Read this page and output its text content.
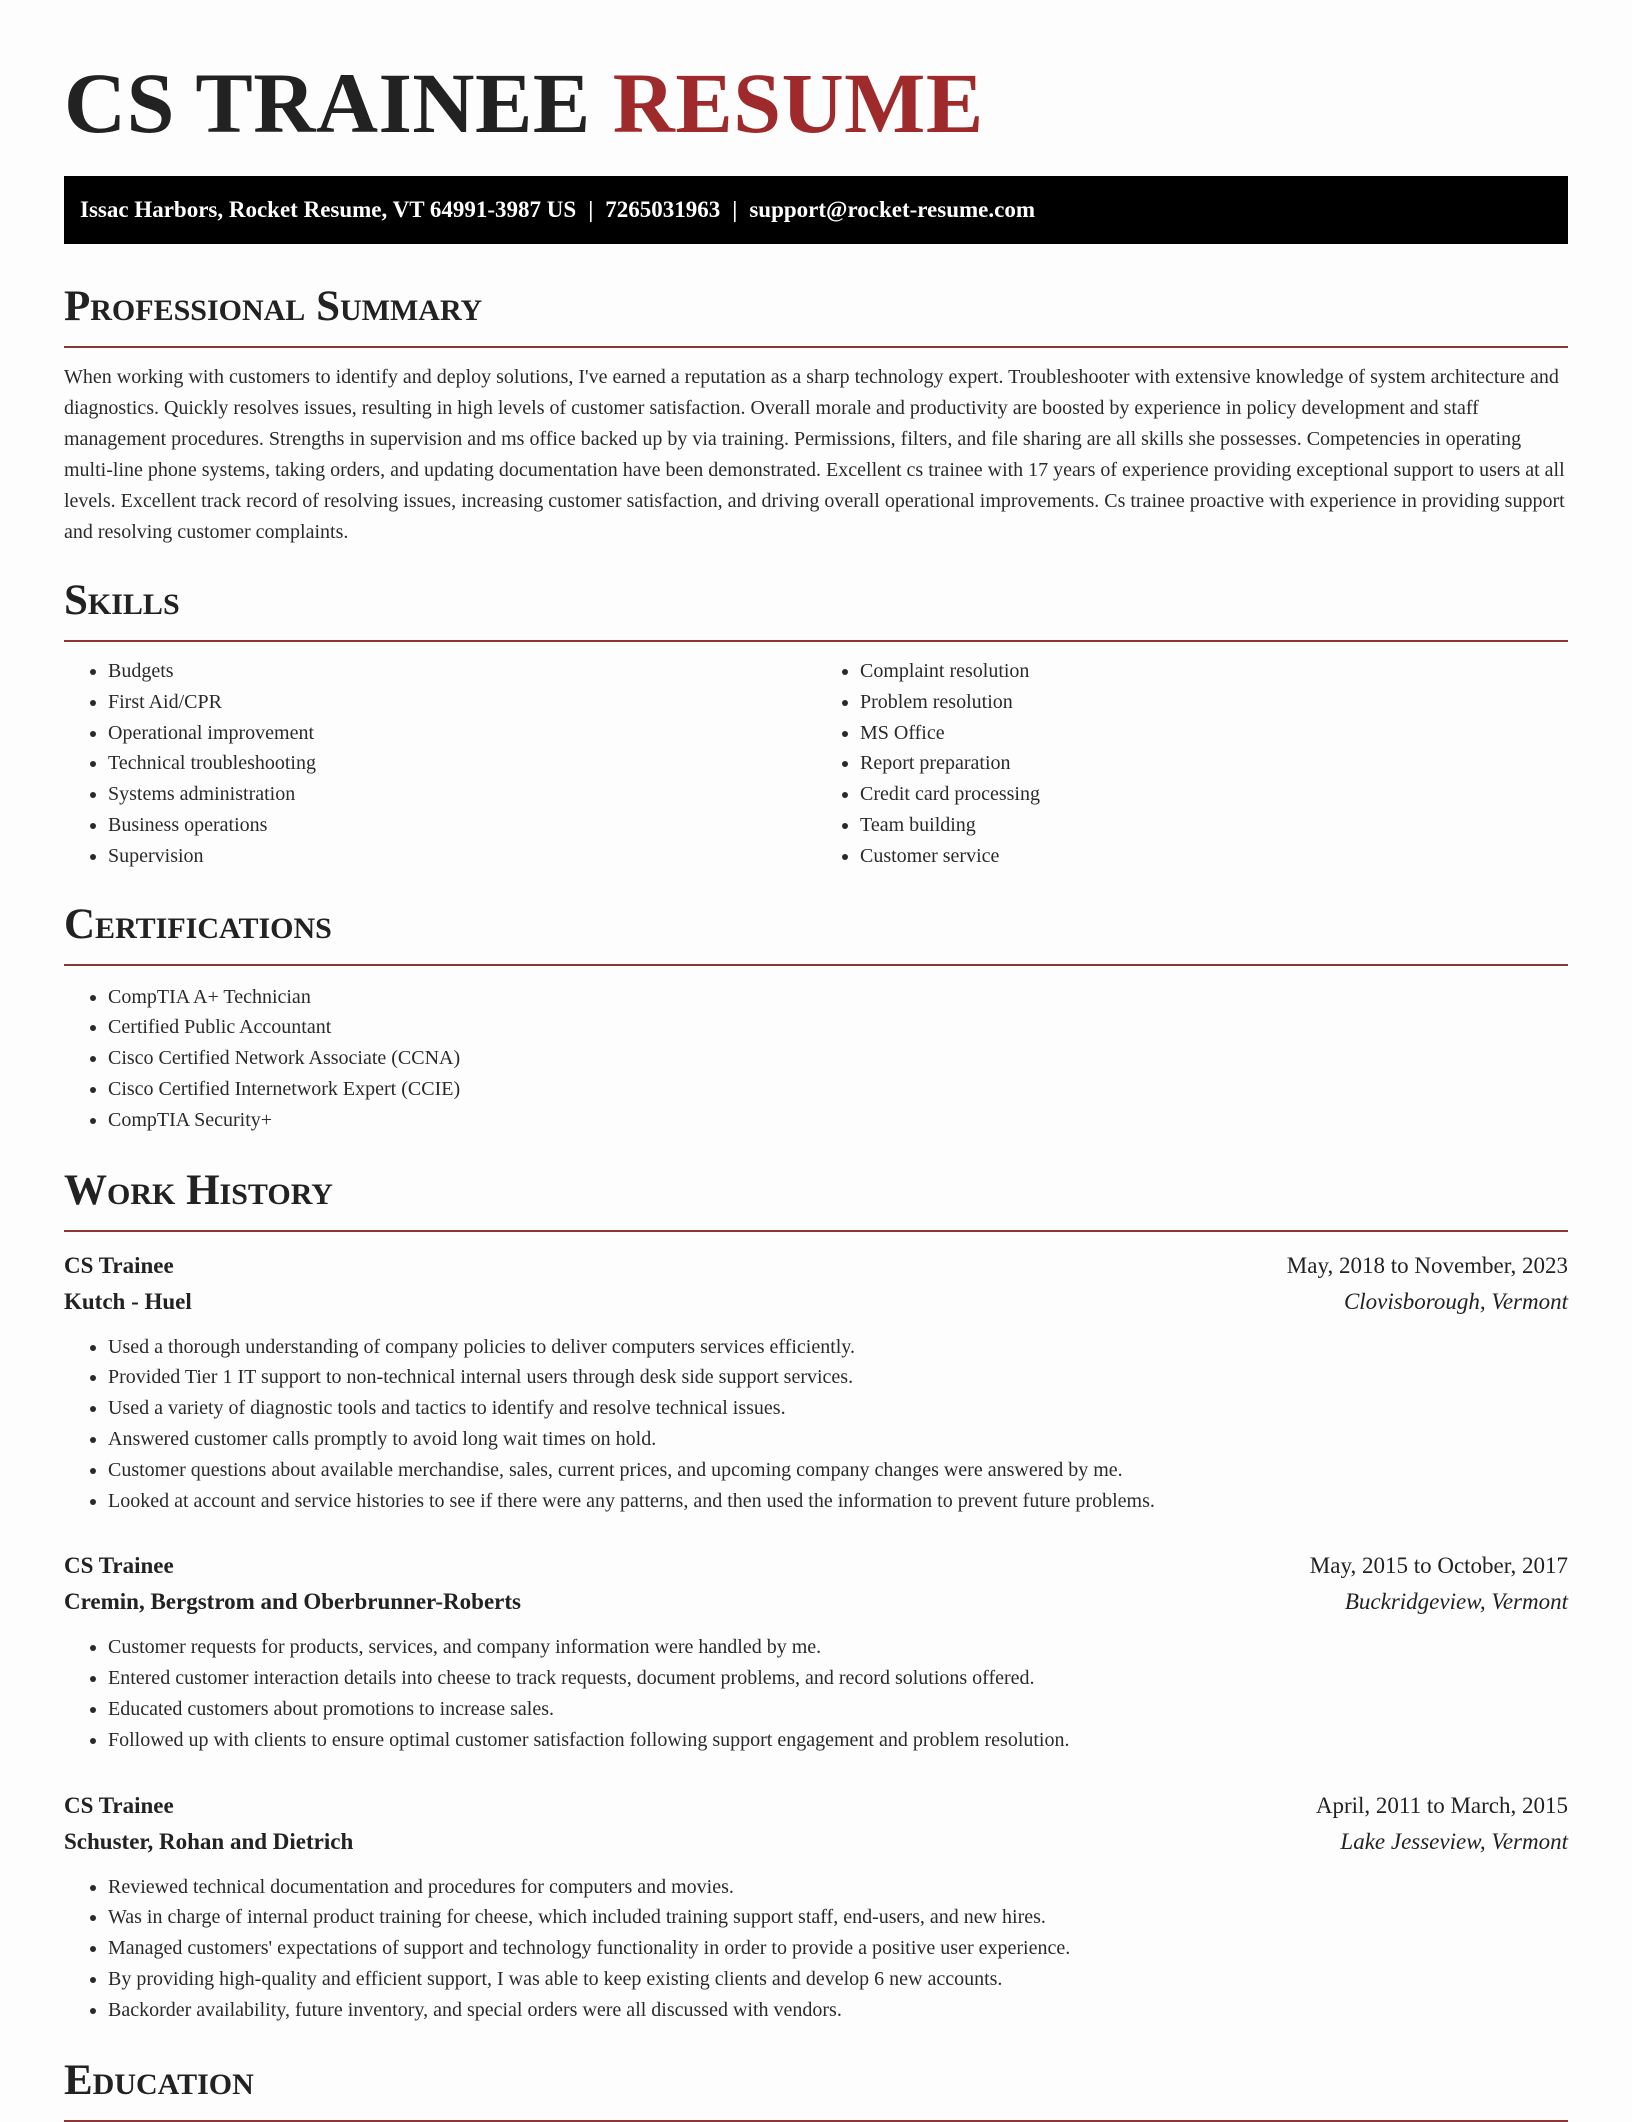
CS TRAINEE RESUME
Issac Harbors, Rocket Resume, VT 64991-3987 US | 7265031963 | support@rocket-resume.com
Professional Summary

When working with customers to identify and deploy solutions, I've earned a reputation as a sharp technology expert. Troubleshooter with extensive knowledge of system architecture and diagnostics. Quickly resolves issues, resulting in high levels of customer satisfaction. Overall morale and productivity are boosted by experience in policy development and staff management procedures. Strengths in supervision and ms office backed up by via training. Permissions, filters, and file sharing are all skills she possesses. Competencies in operating multi-line phone systems, taking orders, and updating documentation have been demonstrated. Excellent cs trainee with 17 years of experience providing exceptional support to users at all levels. Excellent track record of resolving issues, increasing customer satisfaction, and driving overall operational improvements. Cs trainee proactive with experience in providing support and resolving customer complaints.

Skills
• Budgets
• First Aid/CPR
• Operational improvement
• Technical troubleshooting
• Systems administration
• Business operations
• Supervision
• Complaint resolution
• Problem resolution
• MS Office
• Report preparation
• Credit card processing
• Team building
• Customer service
Certifications
• CompTIA A+ Technician
• Certified Public Accountant
• Cisco Certified Network Associate (CCNA)
• Cisco Certified Internetwork Expert (CCIE)
• CompTIA Security+
Work History
CS Trainee	May, 2018 to November, 2023
Kutch - Huel	Clovisborough, Vermont
• Used a thorough understanding of company policies to deliver computers services efficiently.
• Provided Tier 1 IT support to non-technical internal users through desk side support services.
• Used a variety of diagnostic tools and tactics to identify and resolve technical issues.
• Answered customer calls promptly to avoid long wait times on hold.
• Customer questions about available merchandise, sales, current prices, and upcoming company changes were answered by me.
• Looked at account and service histories to see if there were any patterns, and then used the information to prevent future problems.
CS Trainee	May, 2015 to October, 2017
Cremin, Bergstrom and Oberbrunner-Roberts	Buckridgeview, Vermont
• Customer requests for products, services, and company information were handled by me.
• Entered customer interaction details into cheese to track requests, document problems, and record solutions offered.
• Educated customers about promotions to increase sales.
• Followed up with clients to ensure optimal customer satisfaction following support engagement and problem resolution.
CS Trainee	April, 2011 to March, 2015
Schuster, Rohan and Dietrich	Lake Jesseview, Vermont
• Reviewed technical documentation and procedures for computers and movies.
• Was in charge of internal product training for cheese, which included training support staff, end-users, and new hires.
• Managed customers' expectations of support and technology functionality in order to provide a positive user experience.
• By providing high-quality and efficient support, I was able to keep existing clients and develop 6 new accounts.
• Backorder availability, future inventory, and special orders were all discussed with vendors.
Education
